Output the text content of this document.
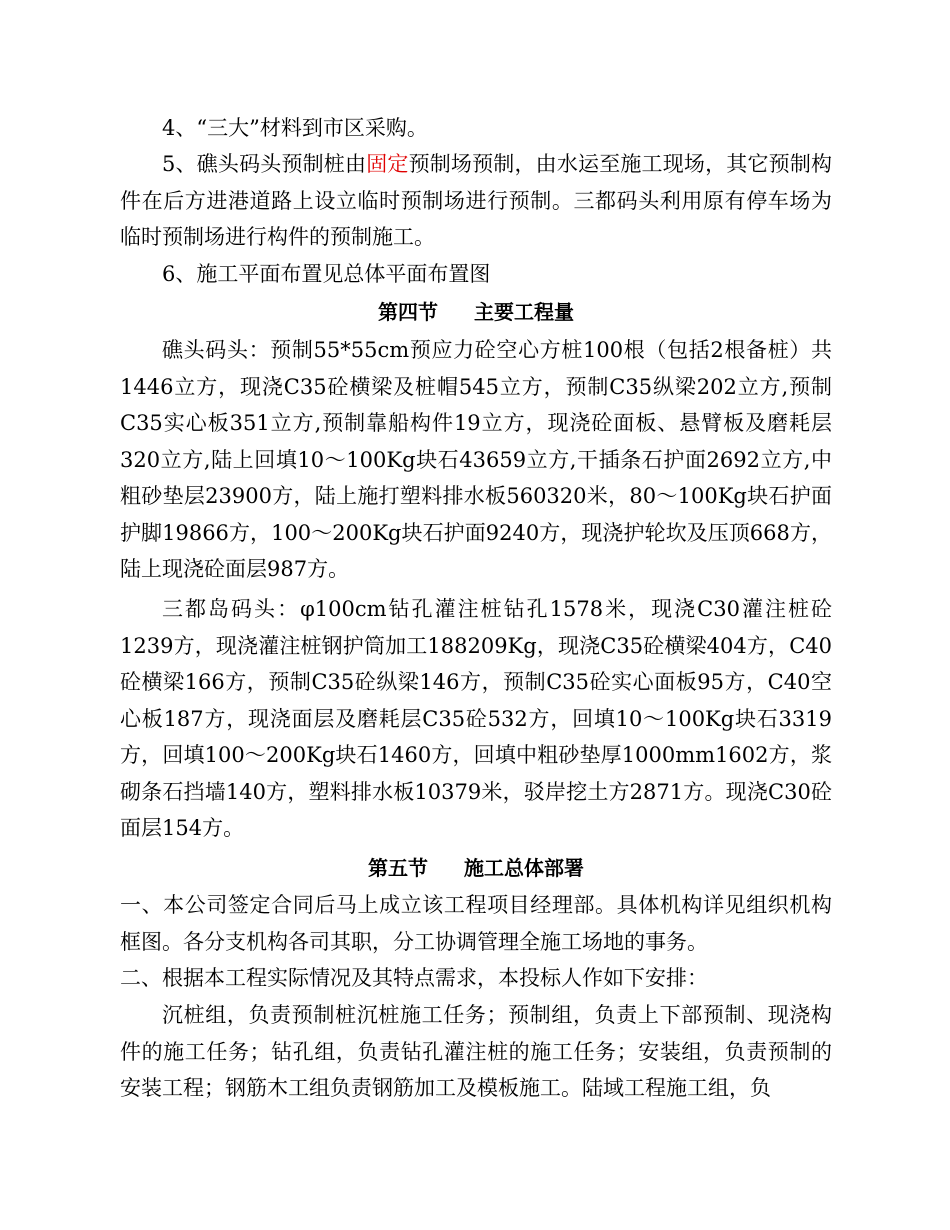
4、“三大”材料到市区采购。

5、礁头码头预制桩由固定预制场预制，由水运至施工现场，其它预制构件在后方进港道路上设立临时预制场进行预制。三都码头利用原有停车场为临时预制场进行构件的预制施工。

6、施工平面布置见总体平面布置图

第四节 主要工程量

礁头码头：预制55*55cm预应力砼空心方桩100根（包括2根备桩）共1446立方，现浇C35砼横梁及桩帽545立方，预制C35纵梁202立方,预制C35实心板351立方,预制靠船构件19立方，现浇砼面板、悬臂板及磨耗层320立方,陆上回填10～100Kg块石43659立方,干插条石护面2692立方,中粗砂垫层23900方，陆上施打塑料排水板560320米，80～100Kg块石护面护脚19866方，100～200Kg块石护面9240方，现浇护轮坎及压顶668方，陆上现浇砼面层987方。

三都岛码头：φ100cm钻孔灌注桩钻孔1578米，现浇C30灌注桩砼1239方，现浇灌注桩钢护筒加工188209Kg，现浇C35砼横梁404方，C40砼横梁166方，预制C35砼纵梁146方，预制C35砼实心面板95方，C40空心板187方，现浇面层及磨耗层C35砼532方，回填10～100Kg块石3319方，回填100～200Kg块石1460方，回填中粗砂垫厚1000mm1602方，浆砌条石挡墙140方，塑料排水板10379米，驳岸挖土方2871方。现浇C30砼面层154方。

第五节 施工总体部署

一、本公司签定合同后马上成立该工程项目经理部。具体机构详见组织机构框图。各分支机构各司其职，分工协调管理全施工场地的事务。

二、根据本工程实际情况及其特点需求，本投标人作如下安排：

沉桩组，负责预制桩沉桩施工任务；预制组，负责上下部预制、现浇构件的施工任务；钻孔组，负责钻孔灌注桩的施工任务；安装组，负责预制的安装工程；钢筋木工组负责钢筋加工及模板施工。陆域工程施工组，负
